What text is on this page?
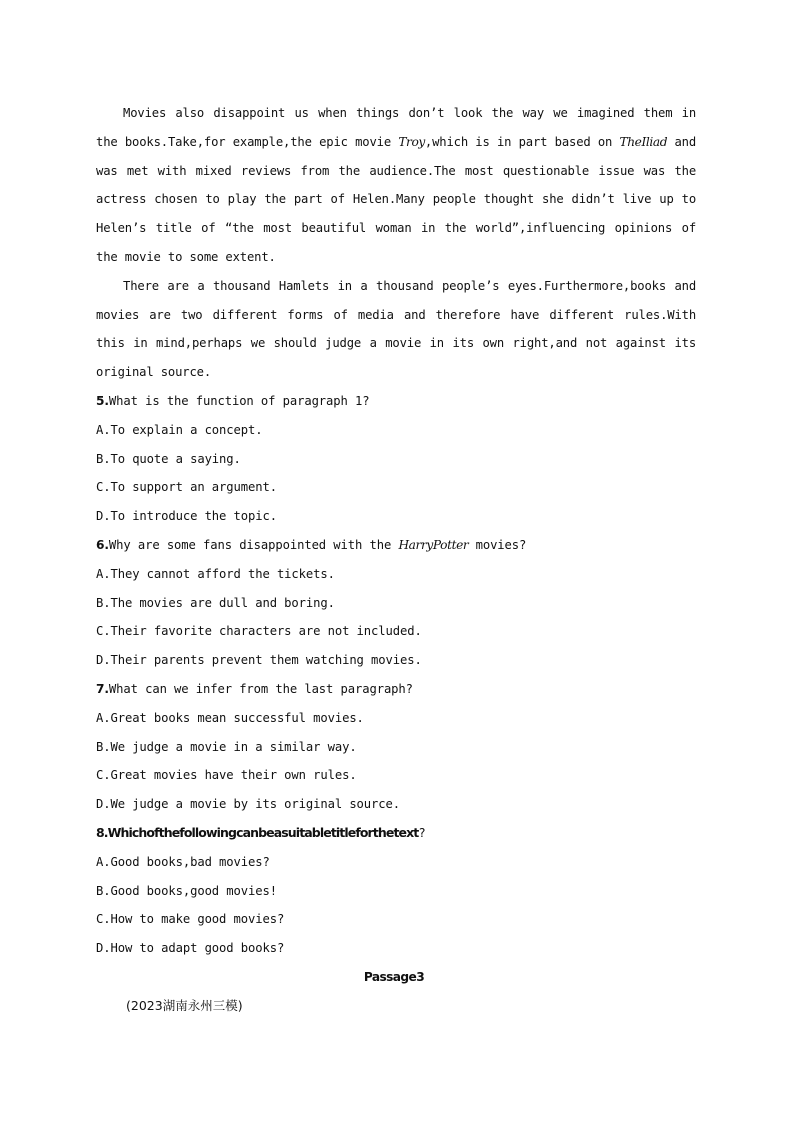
Movies also disappoint us when things don’t look the way we imagined them in the books.Take,for example,the epic movie Troy,which is in part based on TheIliad and was met with mixed reviews from the audience.The most questionable issue was the actress chosen to play the part of Helen.Many people thought she didn’t live up to Helen’s title of “the most beautiful woman in the world”,influencing opinions of the movie to some extent.

There are a thousand Hamlets in a thousand people’s eyes.Furthermore,books and movies are two different forms of media and therefore have different rules.With this in mind,perhaps we should judge a movie in its own right,and not against its original source.

5.What is the function of paragraph 1?
A.To explain a concept.
B.To quote a saying.
C.To support an argument.
D.To introduce the topic.
6.Why are some fans disappointed with the HarryPotter movies?
A.They cannot afford the tickets.
B.The movies are dull and boring.
C.Their favorite characters are not included.
D.Their parents prevent them watching movies.
7.What can we infer from the last paragraph?
A.Great books mean successful movies.
B.We judge a movie in a similar way.
C.Great movies have their own rules.
D.We judge a movie by its original source.
8.Whichofthefollowingcanbeasuitabletitleforthetext?
A.Good books,bad movies?
B.Good books,good movies!
C.How to make good movies?
D.How to adapt good books?
Passage3
(2023湖南永州三模)
